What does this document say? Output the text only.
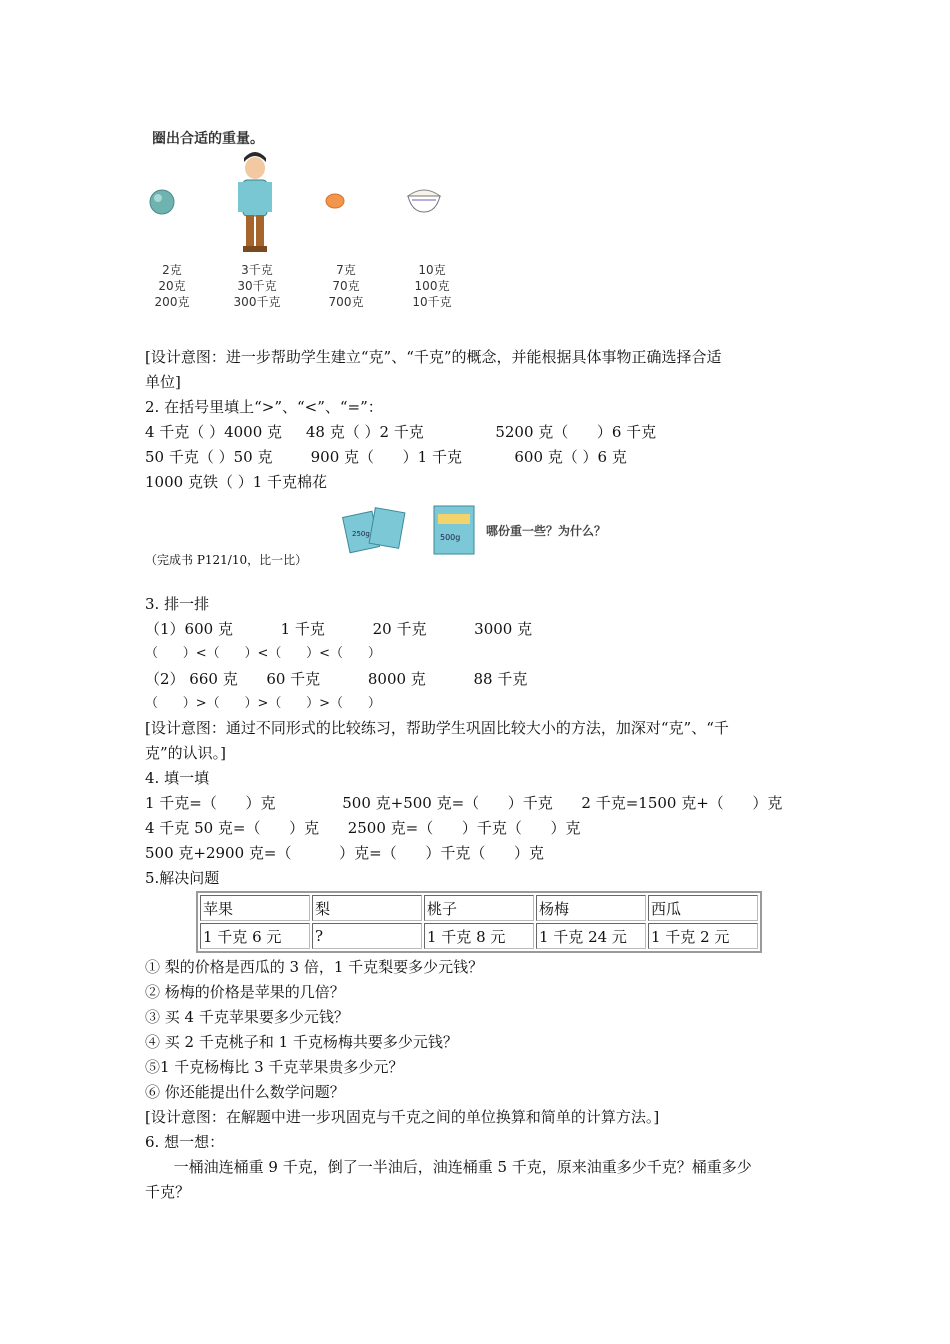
圈出合适的重量。
2克
20克
200克
3千克
30千克
300千克
7克
70克
700克
10克
100克
10千克
[设计意图：进一步帮助学生建立“克”、“千克”的概念，并能根据具体事物正确选择合适
单位]
2. 在括号里填上“>”、“<”、“=”：
4 千克（ ）4000 克     48 克（ ）2 千克               5200 克（      ）6 千克
50 千克（ ）50 克        900 克（      ）1 千克           600 克（ ）6 克
1000 克铁（ ）1 千克棉花
250g	500g 哪份重一些？为什么？
（完成书 P121/10，比一比）
3. 排一排
（1）600 克          1 千克          20 千克          3000 克
（      ）<（      ）<（      ）<（      ）
（2） 660 克      60 千克          8000 克          88 千克
（      ）>（      ）>（      ）>（      ）
[设计意图：通过不同形式的比较练习，帮助学生巩固比较大小的方法，加深对“克”、“千
克”的认识。]
4. 填一填
1 千克=（      ）克              500 克+500 克=（      ）千克      2 千克=1500 克+（      ）克
4 千克 50 克=（      ）克      2500 克=（      ）千克（      ）克
500 克+2900 克=（          ）克=（      ）千克（      ）克
5.解决问题
苹果	梨	桃子	杨梅	西瓜
1 千克 6 元	?	1 千克 8 元	1 千克 24 元	1 千克 2 元
① 梨的价格是西瓜的 3 倍，1 千克梨要多少元钱？
② 杨梅的价格是苹果的几倍？
③ 买 4 千克苹果要多少元钱？
④ 买 2 千克桃子和 1 千克杨梅共要多少元钱？
⑤1 千克杨梅比 3 千克苹果贵多少元？
⑥ 你还能提出什么数学问题？
[设计意图：在解题中进一步巩固克与千克之间的单位换算和简单的计算方法。]
6. 想一想：
一桶油连桶重 9 千克，倒了一半油后，油连桶重 5 千克，原来油重多少千克？桶重多少
千克？
